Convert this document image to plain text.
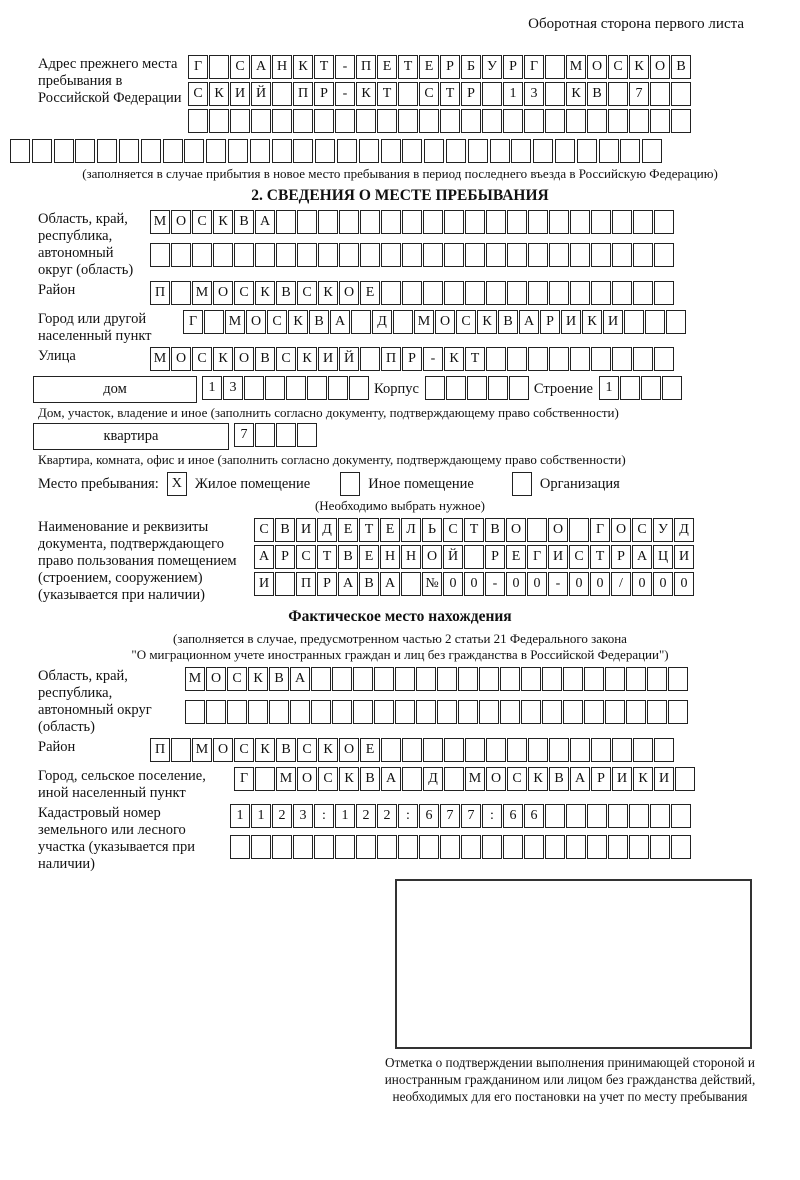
Оборотная сторона первого листа
Адрес прежнего места пребывания в Российской Федерации
Г	С А Н К Т	- П Е Т Е Р Б У Р Г	М О С К О В
С К И Й	П Р	-	К Т	С Т Р	1	3	К В	7
(заполняется в случае прибытия в новое место пребывания в период последнего въезда в Российскую Федерацию)
2. СВЕДЕНИЯ О МЕСТЕ ПРЕБЫВАНИЯ
Область, край, республика, автономный округ (область)
М О С К В А
Район	П	М О С К В С К О Е
Город или другой населенный пункт
Г	М О С К В А	Д	М О С К В А Р И К И
Улица	М О С К О В С К И Й	П Р	-	К Т
дом	1	3	Корпус	Строение 1
Дом, участок, владение и иное (заполнить согласно документу, подтверждающему право собственности)
квартира	7
Квартира, комната, офис и иное (заполнить согласно документу, подтверждающему право собственности)
Место пребывания: X Жилое помещение	Иное помещение	Организация
(Необходимо выбрать нужное)
Наименование и реквизиты документа, подтверждающего право пользования помещением (строением, сооружением) (указывается при наличии)
С В И Д Е Т Е Л Ь С Т В О	О	Г О С У Д
А Р С Т В Е Н Н О Й	Р Е Г И С Т Р А Ц И
И	П Р А В А	№ 0	0	-	0	0	-	0	0	/	0	0	0
Фактическое место нахождения
(заполняется в случае, предусмотренном частью 2 статьи 21 Федерального закона
"О миграционном учете иностранных граждан и лиц без гражданства в Российской Федерации")
Область, край, республика, автономный округ (область)
М О С К В А
Район	П	М О С К В С К О Е
Город, сельское поселение, иной населенный пункт
Г	М О С К В А	Д	М О С К В А Р И К И
Кадастровый номер земельного или лесного участка (указывается при наличии)
1	1	2	3	:	1	2	2	:	6	7	7	:	6	6
Отметка о подтверждении выполнения принимающей стороной и иностранным гражданином или лицом без гражданства действий, необходимых для его постановки на учет по месту пребывания
